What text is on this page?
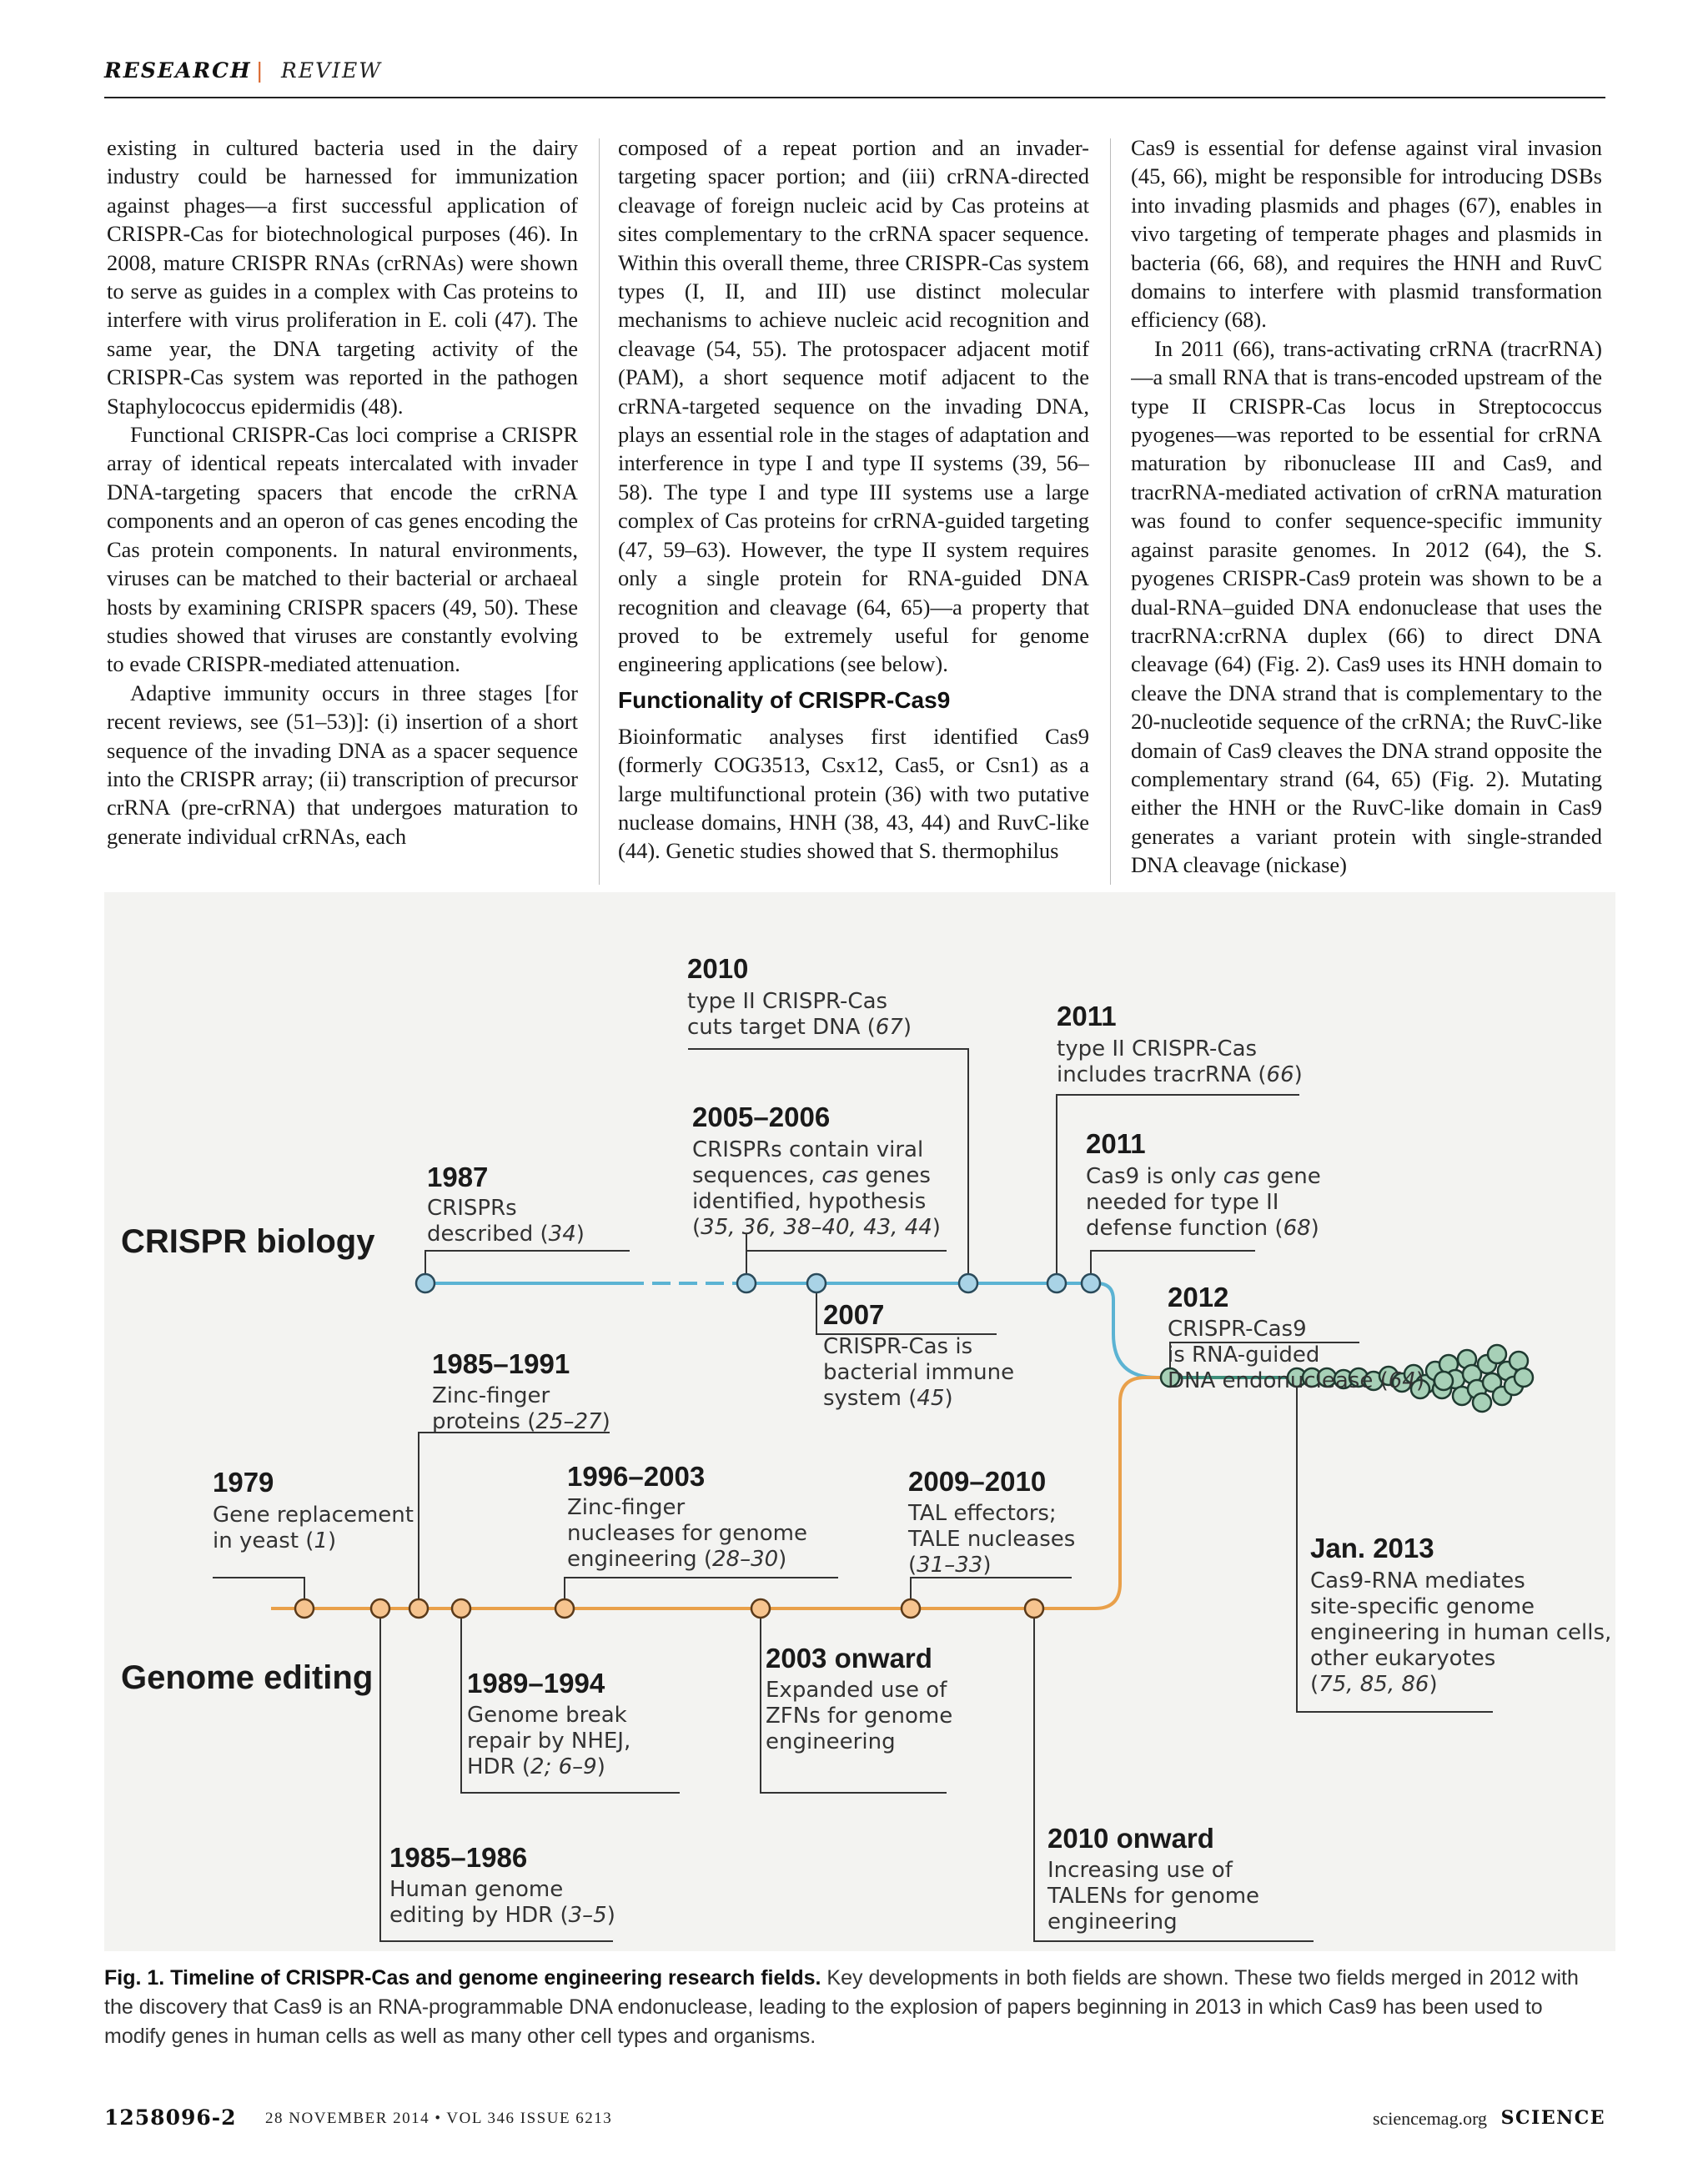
RESEARCH | REVIEW

existing in cultured bacteria used in the dairy industry could be harnessed for immunization against phages—a first successful application of CRISPR-Cas for biotechnological purposes (46). In 2008, mature CRISPR RNAs (crRNAs) were shown to serve as guides in a complex with Cas proteins to interfere with virus proliferation in E. coli (47). The same year, the DNA targeting activity of the CRISPR-Cas system was reported in the pathogen Staphylococcus epidermidis (48).

Functional CRISPR-Cas loci comprise a CRISPR array of identical repeats intercalated with invader DNA-targeting spacers that encode the crRNA components and an operon of cas genes encoding the Cas protein components. In natural environments, viruses can be matched to their bacterial or archaeal hosts by examining CRISPR spacers (49, 50). These studies showed that viruses are constantly evolving to evade CRISPR-mediated attenuation.

Adaptive immunity occurs in three stages [for recent reviews, see (51–53)]: (i) insertion of a short sequence of the invading DNA as a spacer sequence into the CRISPR array; (ii) transcription of precursor crRNA (pre-crRNA) that undergoes maturation to generate individual crRNAs, each

composed of a repeat portion and an invader-targeting spacer portion; and (iii) crRNA-directed cleavage of foreign nucleic acid by Cas proteins at sites complementary to the crRNA spacer sequence. Within this overall theme, three CRISPR-Cas system types (I, II, and III) use distinct molecular mechanisms to achieve nucleic acid recognition and cleavage (54, 55). The protospacer adjacent motif (PAM), a short sequence motif adjacent to the crRNA-targeted sequence on the invading DNA, plays an essential role in the stages of adaptation and interference in type I and type II systems (39, 56–58). The type I and type III systems use a large complex of Cas proteins for crRNA-guided targeting (47, 59–63). However, the type II system requires only a single protein for RNA-guided DNA recognition and cleavage (64, 65)—a property that proved to be extremely useful for genome engineering applications (see below).

Functionality of CRISPR-Cas9

Bioinformatic analyses first identified Cas9 (formerly COG3513, Csx12, Cas5, or Csn1) as a large multifunctional protein (36) with two putative nuclease domains, HNH (38, 43, 44) and RuvC-like (44). Genetic studies showed that S. thermophilus

Cas9 is essential for defense against viral invasion (45, 66), might be responsible for introducing DSBs into invading plasmids and phages (67), enables in vivo targeting of temperate phages and plasmids in bacteria (66, 68), and requires the HNH and RuvC domains to interfere with plasmid transformation efficiency (68).

In 2011 (66), trans-activating crRNA (tracrRNA)—a small RNA that is trans-encoded upstream of the type II CRISPR-Cas locus in Streptococcus pyogenes—was reported to be essential for crRNA maturation by ribonuclease III and Cas9, and tracrRNA-mediated activation of crRNA maturation was found to confer sequence-specific immunity against parasite genomes. In 2012 (64), the S. pyogenes CRISPR-Cas9 protein was shown to be a dual-RNA–guided DNA endonuclease that uses the tracrRNA:crRNA duplex (66) to direct DNA cleavage (64) (Fig. 2). Cas9 uses its HNH domain to cleave the DNA strand that is complementary to the 20-nucleotide sequence of the crRNA; the RuvC-like domain of Cas9 cleaves the DNA strand opposite the complementary strand (64, 65) (Fig. 2). Mutating either the HNH or the RuvC-like domain in Cas9 generates a variant protein with single-stranded DNA cleavage (nickase)

CRISPR biology
Genome editing
1987
CRISPRs
described (34)
2005–2006
CRISPRs contain viral
sequences, cas genes
identified, hypothesis
(35, 36, 38–40, 43, 44)
2010
type II CRISPR-Cas
cuts target DNA (67)
2007
CRISPR-Cas is
bacterial immune
system (45)
2011
type II CRISPR-Cas
includes tracrRNA (66)
2011
Cas9 is only cas gene
needed for type II
defense function (68)
2012
CRISPR-Cas9
is RNA-guided
DNA endonuclease (64)
1985–1991
Zinc-finger
proteins (25–27)
1979
Gene replacement
in yeast (1)
1996–2003
Zinc-finger
nucleases for genome
engineering (28–30)
2009–2010
TAL effectors;
TALE nucleases
(31–33)
Jan. 2013
Cas9-RNA mediates
site-specific genome
engineering in human cells,
other eukaryotes
(75, 85, 86)
1989–1994
Genome break
repair by NHEJ,
HDR (2; 6–9)
2003 onward
Expanded use of
ZFNs for genome
engineering
1985–1986
Human genome
editing by HDR (3–5)
2010 onward
Increasing use of
TALENs for genome
engineering
Fig. 1. Timeline of CRISPR-Cas and genome engineering research fields. Key developments in both fields are shown. These two fields merged in 2012 with the discovery that Cas9 is an RNA-programmable DNA endonuclease, leading to the explosion of papers beginning in 2013 in which Cas9 has been used to modify genes in human cells as well as many other cell types and organisms.
1258096-2 28 NOVEMBER 2014 • VOL 346 ISSUE 6213	sciencemag.org SCIENCE
